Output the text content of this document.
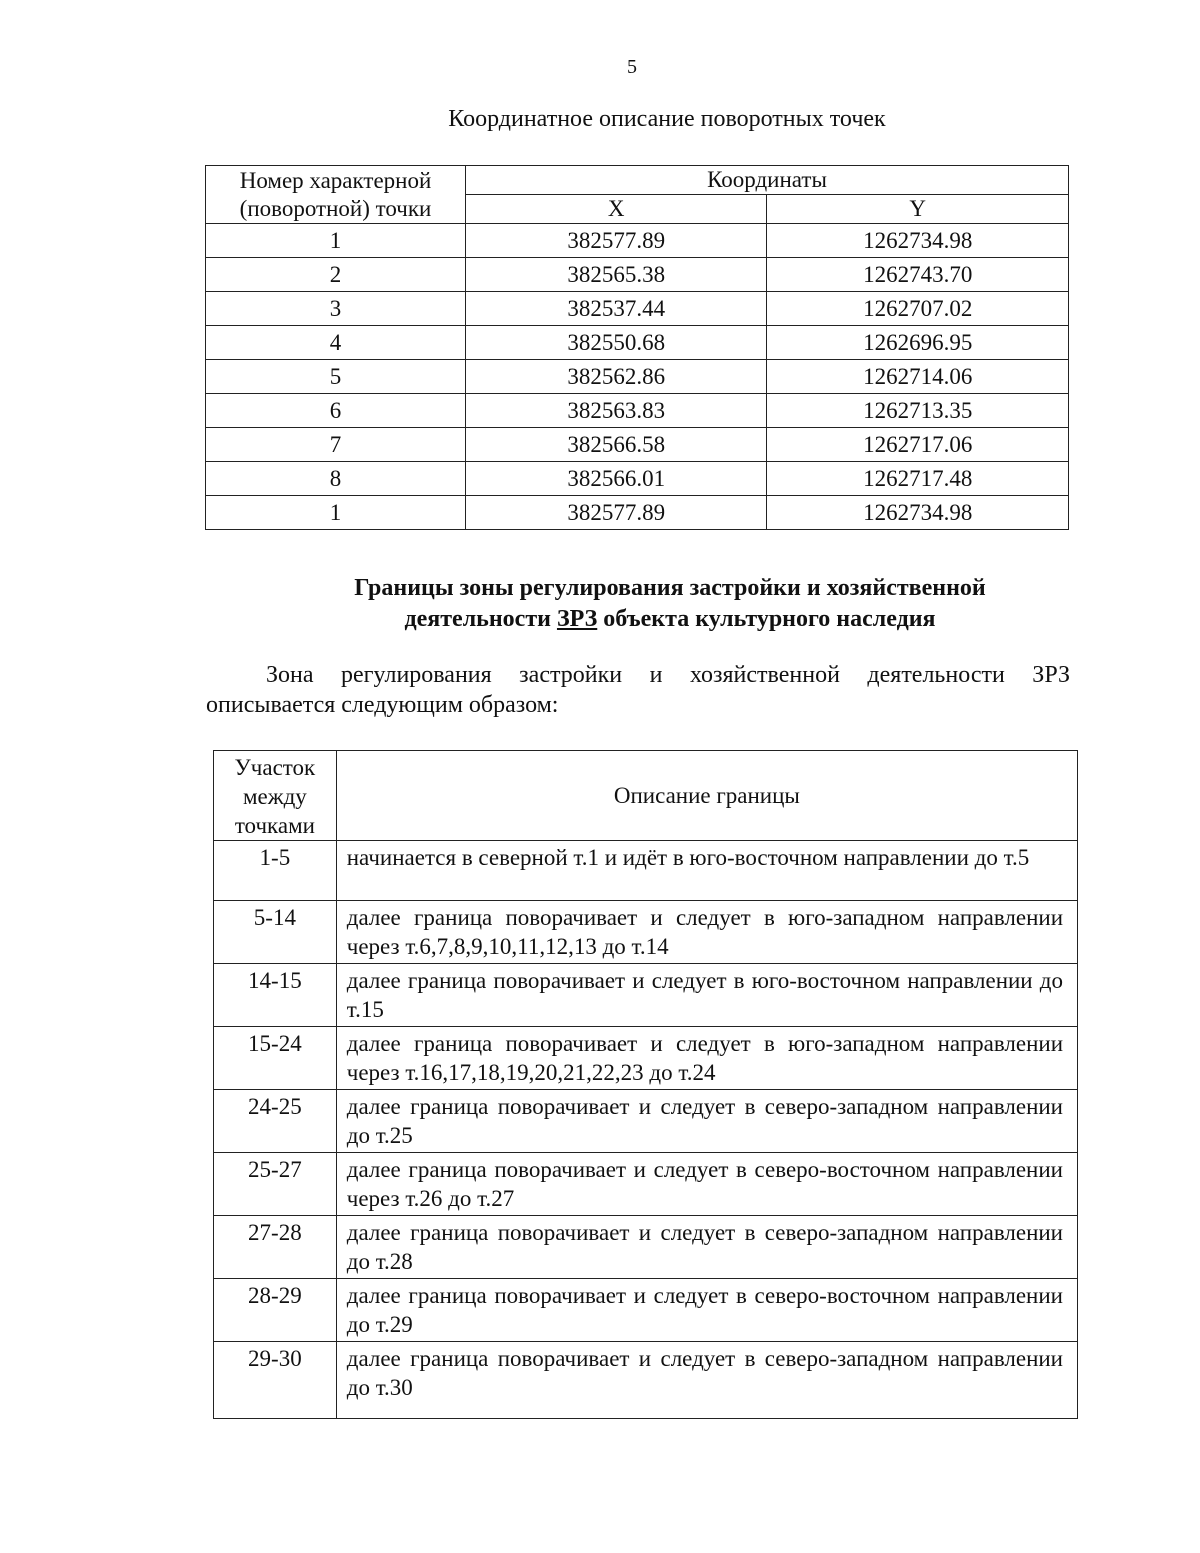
5
Координатное описание поворотных точек
Номер характерной
(поворотной) точки	Координаты	
	X	Y
1	382577.89	1262734.98
2	382565.38	1262743.70
3	382537.44	1262707.02
4	382550.68	1262696.95
5	382562.86	1262714.06
6	382563.83	1262713.35
7	382566.58	1262717.06
8	382566.01	1262717.48
1	382577.89	1262734.98
Границы зоны регулирования застройки и хозяйственной
деятельности ЗРЗ объекта культурного наследия
Зона регулирования застройки и хозяйственной деятельности ЗРЗ описывается следующим образом:
Участок
между
точками	Описание границы
1-5	начинается в северной т.1 и идёт в юго-восточном направлении до т.5
5-14	далее граница поворачивает и следует в юго-западном направлении через т.6,7,8,9,10,11,12,13 до т.14
14-15	далее граница поворачивает и следует в юго-восточном направлении до т.15
15-24	далее граница поворачивает и следует в юго-западном направлении через т.16,17,18,19,20,21,22,23 до т.24
24-25	далее граница поворачивает и следует в северо-западном направлении до т.25
25-27	далее граница поворачивает и следует в северо-восточном направлении через т.26 до т.27
27-28	далее граница поворачивает и следует в северо-западном направлении до т.28
28-29	далее граница поворачивает и следует в северо-восточном направлении до т.29
29-30	далее граница поворачивает и следует в северо-западном направлении до т.30
